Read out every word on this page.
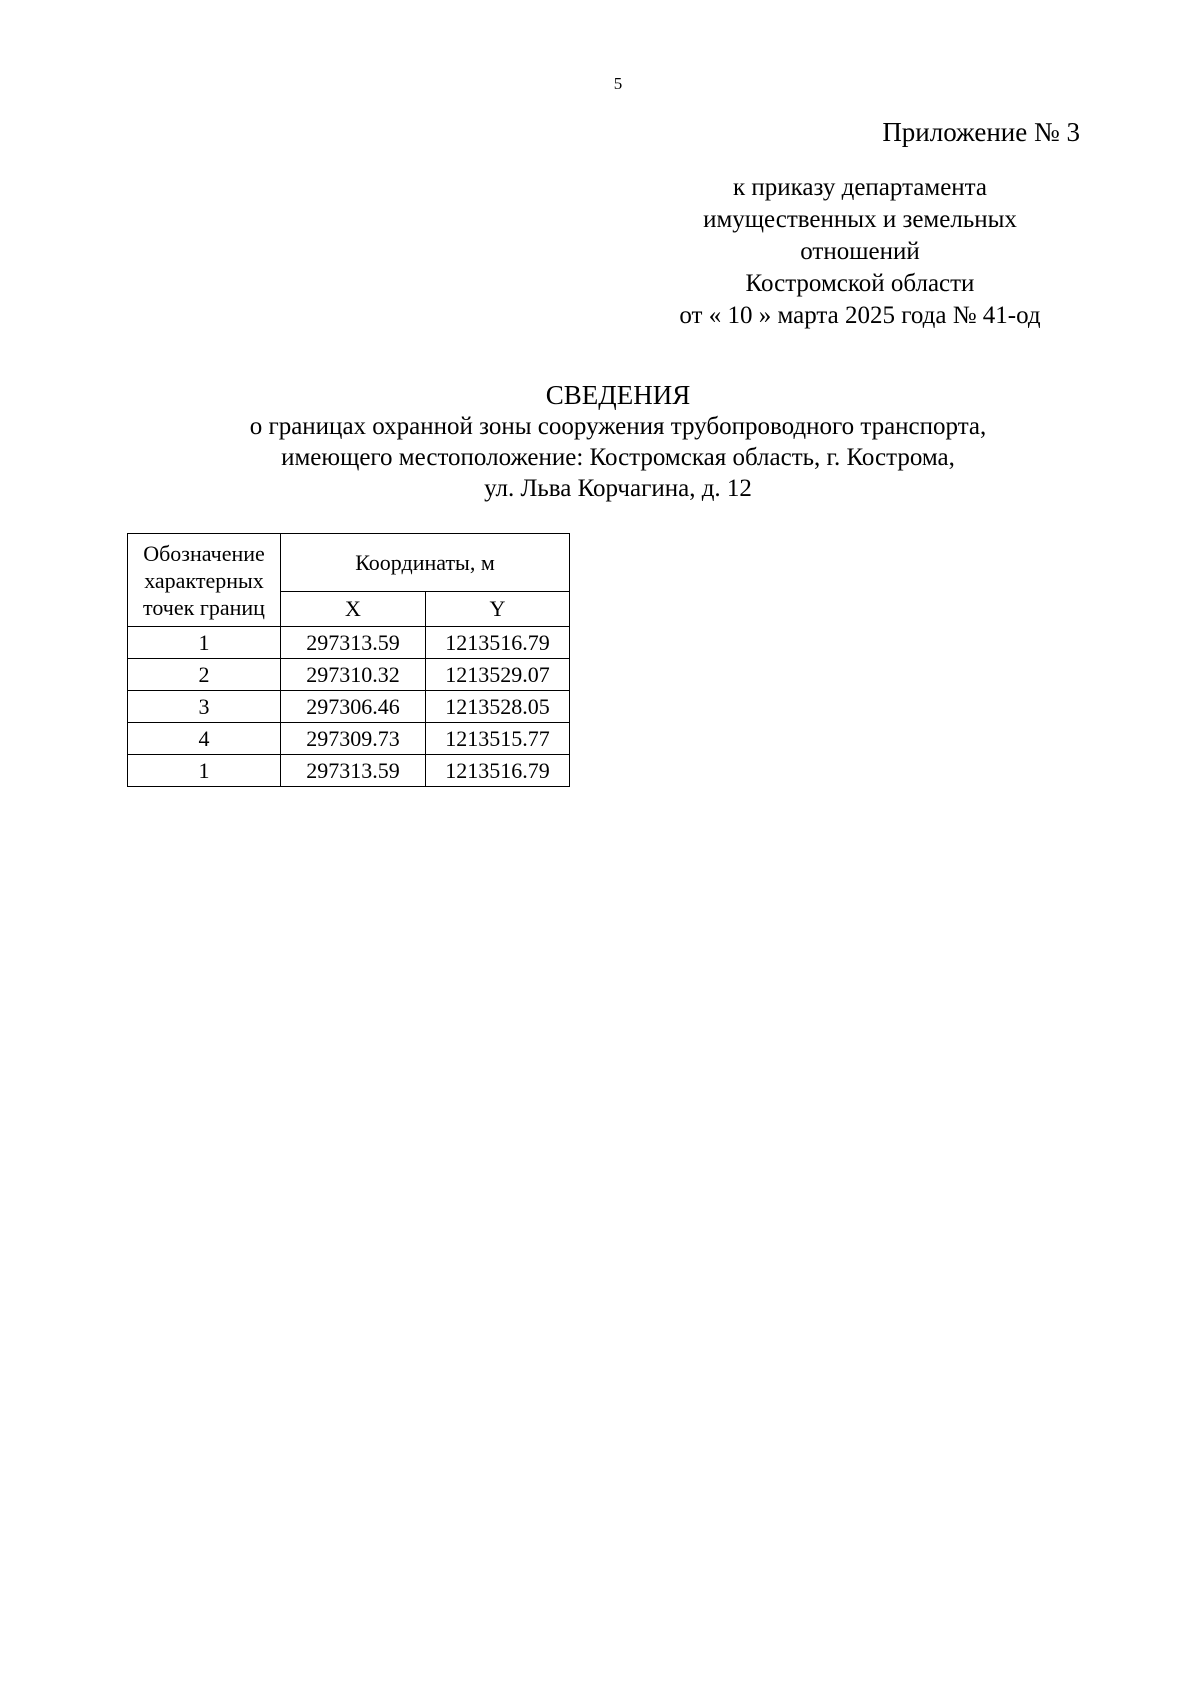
5
Приложение № 3
к приказу департамента
имущественных и земельных
отношений
Костромской области
от « 10 » марта 2025 года № 41-од
СВЕДЕНИЯ
о границах охранной зоны сооружения трубопроводного транспорта,
имеющего местоположение: Костромская область, г. Кострома,
ул. Льва Корчагина, д. 12
Обозначение
характерных
точек границ	Координаты, м	
	X	Y
1	297313.59	1213516.79
2	297310.32	1213529.07
3	297306.46	1213528.05
4	297309.73	1213515.77
1	297313.59	1213516.79
